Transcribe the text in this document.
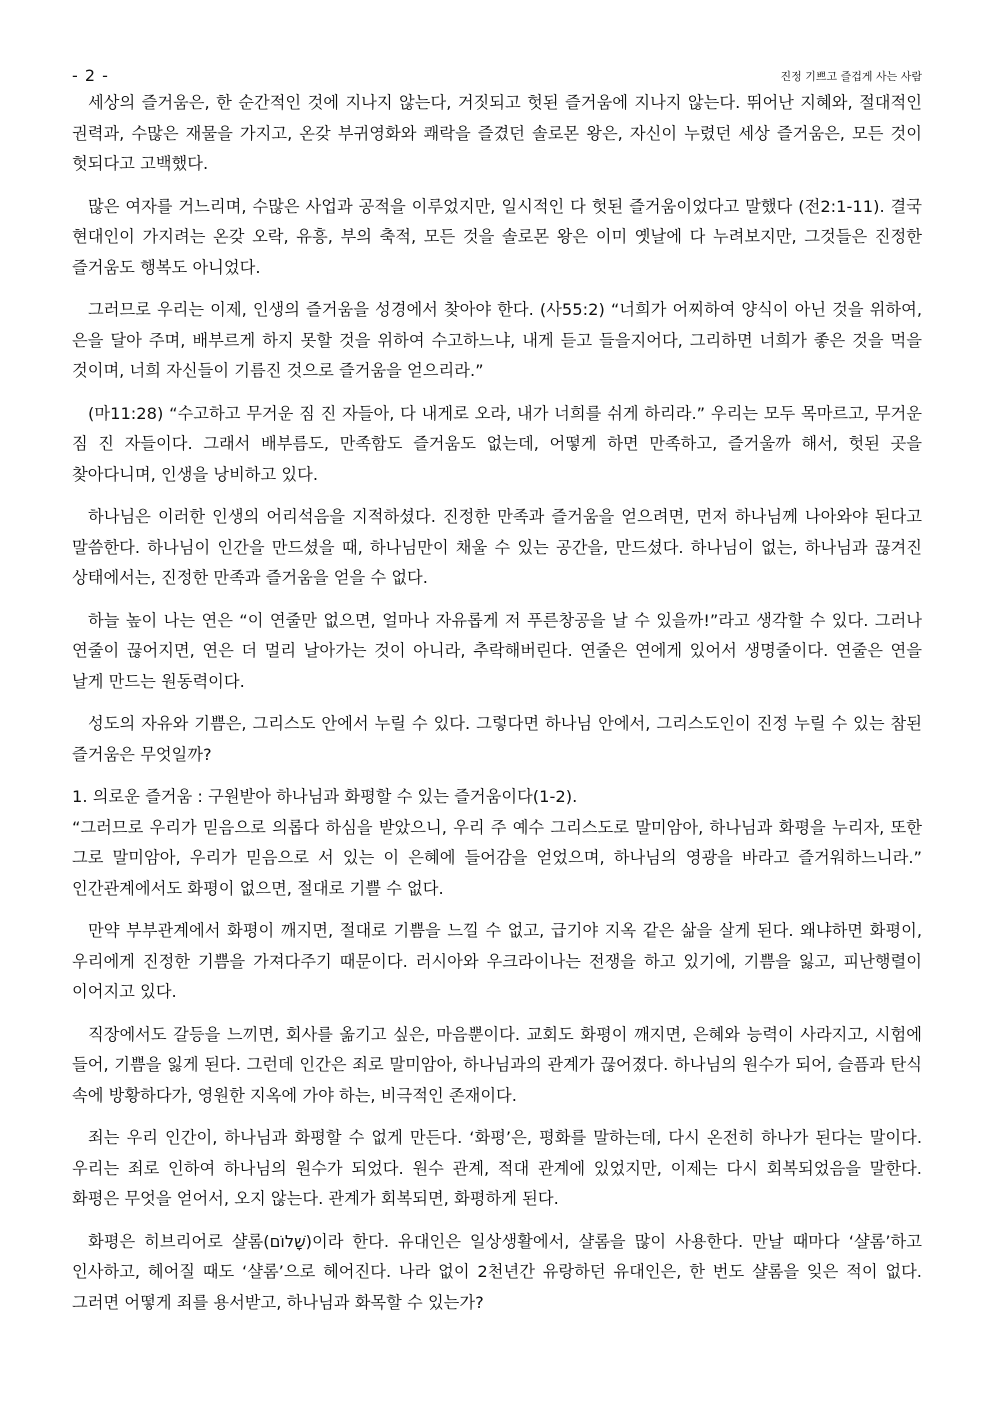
- 2 -	진정 기쁘고 즐겁게 사는 사람

세상의 즐거움은, 한 순간적인 것에 지나지 않는다, 거짓되고 헛된 즐거움에 지나지 않는다. 뛰어난 지혜와, 절대적인 권력과, 수많은 재물을 가지고, 온갖 부귀영화와 쾌락을 즐겼던 솔로몬 왕은, 자신이 누렸던 세상 즐거움은, 모든 것이 헛되다고 고백했다.

많은 여자를 거느리며, 수많은 사업과 공적을 이루었지만, 일시적인 다 헛된 즐거움이었다고 말했다 (전2:1-11). 결국 현대인이 가지려는 온갖 오락, 유흥, 부의 축적, 모든 것을 솔로몬 왕은 이미 옛날에 다 누려보지만, 그것들은 진정한 즐거움도 행복도 아니었다.

그러므로 우리는 이제, 인생의 즐거움을 성경에서 찾아야 한다. (사55:2) “너희가 어찌하여 양식이 아닌 것을 위하여, 은을 달아 주며, 배부르게 하지 못할 것을 위하여 수고하느냐, 내게 듣고 들을지어다, 그리하면 너희가 좋은 것을 먹을 것이며, 너희 자신들이 기름진 것으로 즐거움을 얻으리라.”

(마11:28) “수고하고 무거운 짐 진 자들아, 다 내게로 오라, 내가 너희를 쉬게 하리라.” 우리는 모두 목마르고, 무거운 짐 진 자들이다. 그래서 배부름도, 만족함도 즐거움도 없는데, 어떻게 하면 만족하고, 즐거울까 해서, 헛된 곳을 찾아다니며, 인생을 낭비하고 있다.

하나님은 이러한 인생의 어리석음을 지적하셨다. 진정한 만족과 즐거움을 얻으려면, 먼저 하나님께 나아와야 된다고 말씀한다. 하나님이 인간을 만드셨을 때, 하나님만이 채울 수 있는 공간을, 만드셨다. 하나님이 없는, 하나님과 끊겨진 상태에서는, 진정한 만족과 즐거움을 얻을 수 없다.

하늘 높이 나는 연은 “이 연줄만 없으면, 얼마나 자유롭게 저 푸른창공을 날 수 있을까!”라고 생각할 수 있다. 그러나 연줄이 끊어지면, 연은 더 멀리 날아가는 것이 아니라, 추락해버린다. 연줄은 연에게 있어서 생명줄이다. 연줄은 연을 날게 만드는 원동력이다.

성도의 자유와 기쁨은, 그리스도 안에서 누릴 수 있다. 그렇다면 하나님 안에서, 그리스도인이 진정 누릴 수 있는 참된 즐거움은 무엇일까?

1. 의로운 즐거움 : 구원받아 하나님과 화평할 수 있는 즐거움이다(1-2).

“그러므로 우리가 믿음으로 의롭다 하심을 받았으니, 우리 주 예수 그리스도로 말미암아, 하나님과 화평을 누리자, 또한 그로 말미암아, 우리가 믿음으로 서 있는 이 은혜에 들어감을 얻었으며, 하나님의 영광을 바라고 즐거워하느니라.” 인간관계에서도 화평이 없으면, 절대로 기쁠 수 없다.

만약 부부관계에서 화평이 깨지면, 절대로 기쁨을 느낄 수 없고, 급기야 지옥 같은 삶을 살게 된다. 왜냐하면 화평이, 우리에게 진정한 기쁨을 가져다주기 때문이다. 러시아와 우크라이나는 전쟁을 하고 있기에, 기쁨을 잃고, 피난행렬이 이어지고 있다.

직장에서도 갈등을 느끼면, 회사를 옮기고 싶은, 마음뿐이다. 교회도 화평이 깨지면, 은혜와 능력이 사라지고, 시험에 들어, 기쁨을 잃게 된다. 그런데 인간은 죄로 말미암아, 하나님과의 관계가 끊어졌다. 하나님의 원수가 되어, 슬픔과 탄식 속에 방황하다가, 영원한 지옥에 가야 하는, 비극적인 존재이다.

죄는 우리 인간이, 하나님과 화평할 수 없게 만든다. ‘화평’은, 평화를 말하는데, 다시 온전히 하나가 된다는 말이다. 우리는 죄로 인하여 하나님의 원수가 되었다. 원수 관계, 적대 관계에 있었지만, 이제는 다시 회복되었음을 말한다. 화평은 무엇을 얻어서, 오지 않는다. 관계가 회복되면, 화평하게 된다.

화평은 히브리어로 샬롬(שָׁלוֹם)이라 한다. 유대인은 일상생활에서, 샬롬을 많이 사용한다. 만날 때마다 ‘샬롬’하고 인사하고, 헤어질 때도 ‘샬롬’으로 헤어진다. 나라 없이 2천년간 유랑하던 유대인은, 한 번도 샬롬을 잊은 적이 없다. 그러면 어떻게 죄를 용서받고, 하나님과 화목할 수 있는가?
